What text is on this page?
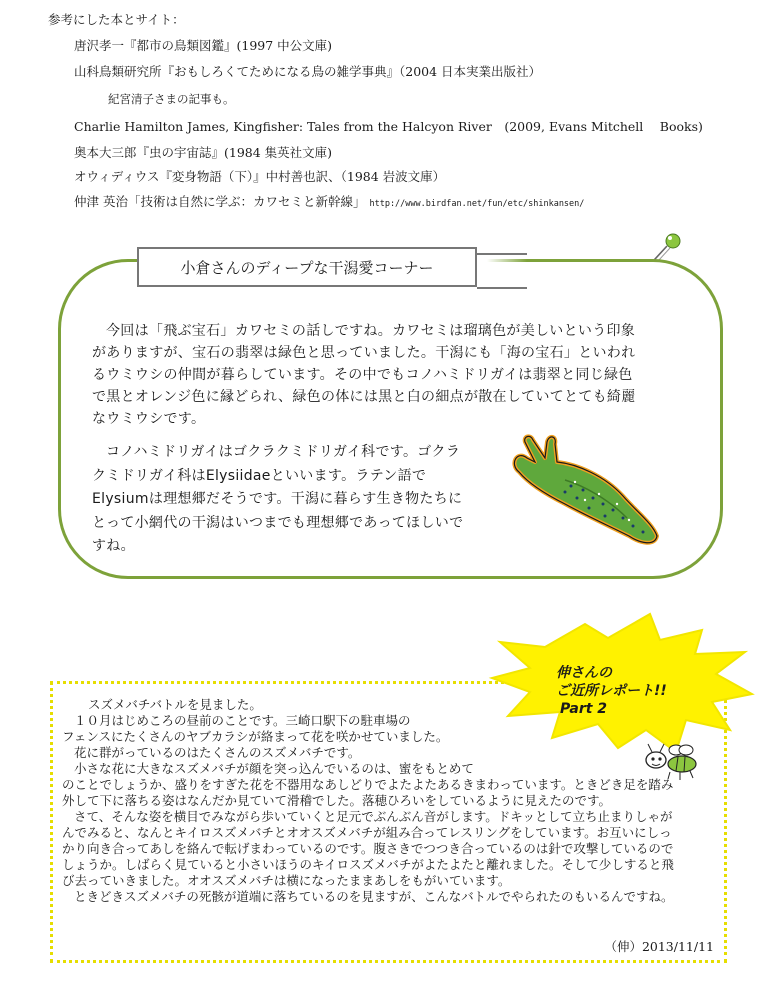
参考にした本とサイト：
唐沢孝一『都市の鳥類図鑑』(1997 中公文庫)
山科鳥類研究所『おもしろくてためになる鳥の雑学事典』（2004 日本実業出版社）
紀宮清子さまの記事も。
Charlie Hamilton James, Kingfisher: Tales from the Halcyon River　(2009, Evans Mitchell　 Books)
奥本大三郎『虫の宇宙誌』(1984 集英社文庫)
オウィディウス『変身物語（下）』中村善也訳、（1984 岩波文庫）
仲津 英治「技術は自然に学ぶ：カワセミと新幹線」 http://www.birdfan.net/fun/etc/shinkansen/
小倉さんのディープな干潟愛コーナー
今回は「飛ぶ宝石」カワセミの話しですね。カワセミは瑠璃色が美しいという印象
がありますが、宝石の翡翠は緑色と思っていました。干潟にも「海の宝石」といわれ
るウミウシの仲間が暮らしています。その中でもコノハミドリガイは翡翠と同じ緑色
で黒とオレンジ色に縁どられ、緑色の体には黒と白の細点が散在していてとても綺麗
なウミウシです。
コノハミドリガイはゴクラクミドリガイ科です。ゴクラ
クミドリガイ科はElysiidaeといいます。ラテン語で
Elysiumは理想郷だそうです。干潟に暮らす生き物たちに
とって小網代の干潟はいつまでも理想郷であってほしいで
すね。
伸さんの
ご近所レポート!!
Part 2
スズメバチバトルを見ました。
１０月はじめころの昼前のことです。三崎口駅下の駐車場の
フェンスにたくさんのヤブカラシが絡まって花を咲かせていました。
花に群がっているのはたくさんのスズメバチです。
小さな花に大きなスズメバチが顔を突っ込んでいるのは、蜜をもとめて
のことでしょうか、盛りをすぎた花を不器用なあしどりでよたよたあるきまわっています。ときどき足を踏み
外して下に落ちる姿はなんだか見ていて滑稽でした。落穂ひろいをしているように見えたのです。
さて、そんな姿を横目でみながら歩いていくと足元でぶんぶん音がします。ドキッとして立ち止まりしゃが
んでみると、なんとキイロスズメバチとオオスズメバチが組み合ってレスリングをしています。お互いにしっ
かり向き合ってあしを絡んで転げまわっているのです。腹さきでつつき合っているのは針で攻撃しているので
しょうか。しばらく見ていると小さいほうのキイロスズメバチがよたよたと離れました。そして少しすると飛
び去っていきました。オオスズメバチは横になったままあしをもがいています。
ときどきスズメバチの死骸が道端に落ちているのを見ますが、こんなバトルでやられたのもいるんですね。
（伸）2013/11/11
